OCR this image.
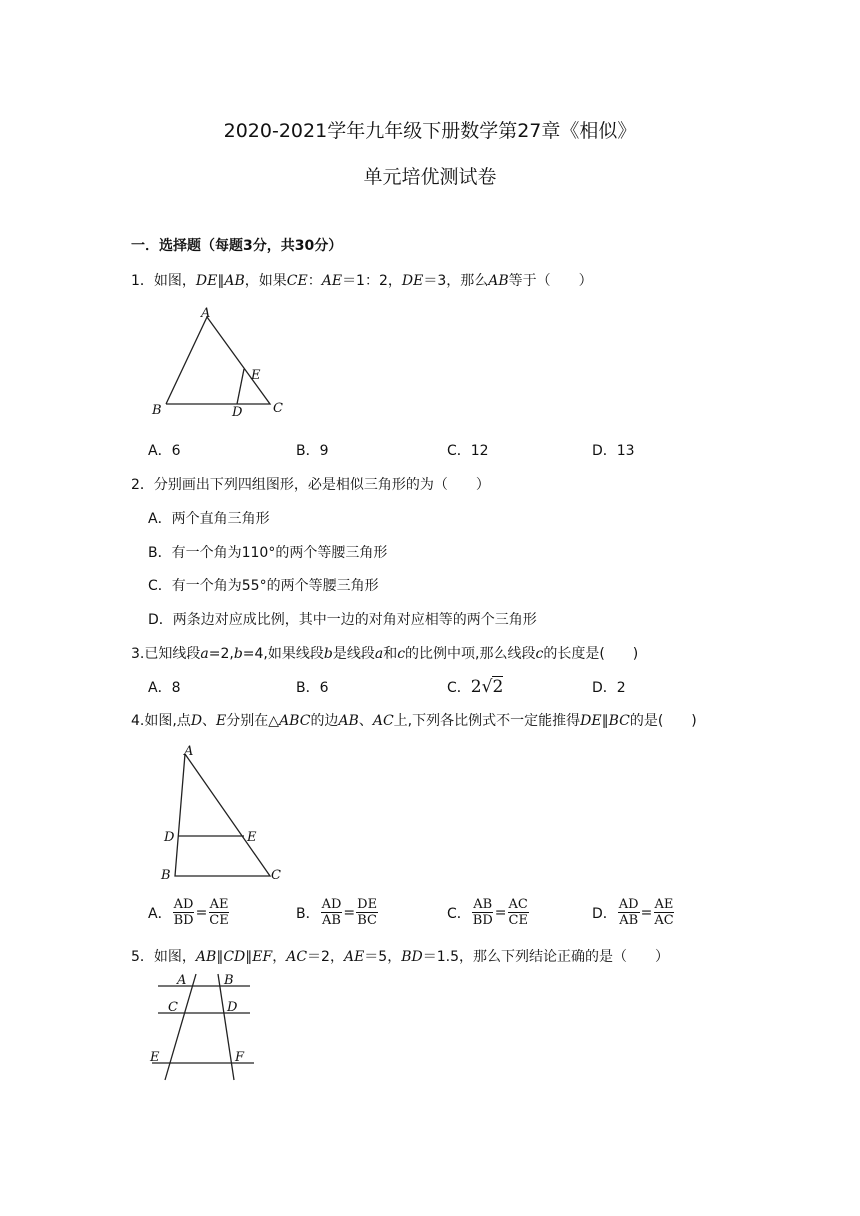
2020-2021学年九年级下册数学第27章《相似》
单元培优测试卷
一．选择题（每题3分，共30分）
1．如图，DE∥AB，如果CE：AE＝1：2，DE＝3，那么AB等于（　　）
A
B	C
D
E
A．6	B．9	C．12	D．13
2．分别画出下列四组图形，必是相似三角形的为（　　）
A．两个直角三角形
B．有一个角为110°的两个等腰三角形
C．有一个角为55°的两个等腰三角形
D．两条边对应成比例，其中一边的对角对应相等的两个三角形
3.已知线段a=2,b=4,如果线段b是线段a和c的比例中项,那么线段c的长度是(　　)
A．8	B．6	C．2√2	D．2
4.如图,点D、E分别在△ABC的边AB、AC上,下列各比例式不一定能推得DE∥BC的是(　　)
A
B	C
D	E
A． $\frac{AD}{BD} = \frac{AE}{CE}$	B． $\frac{AD}{AB} = \frac{DE}{BC}$	C． $\frac{AB}{BD} = \frac{AC}{CE}$	D． $\frac{AD}{AB} = \frac{AE}{AC}$
5．如图，AB∥CD∥EF，AC＝2，AE＝5，BD＝1.5，那么下列结论正确的是（　　）
A	B
C	D
E	F
